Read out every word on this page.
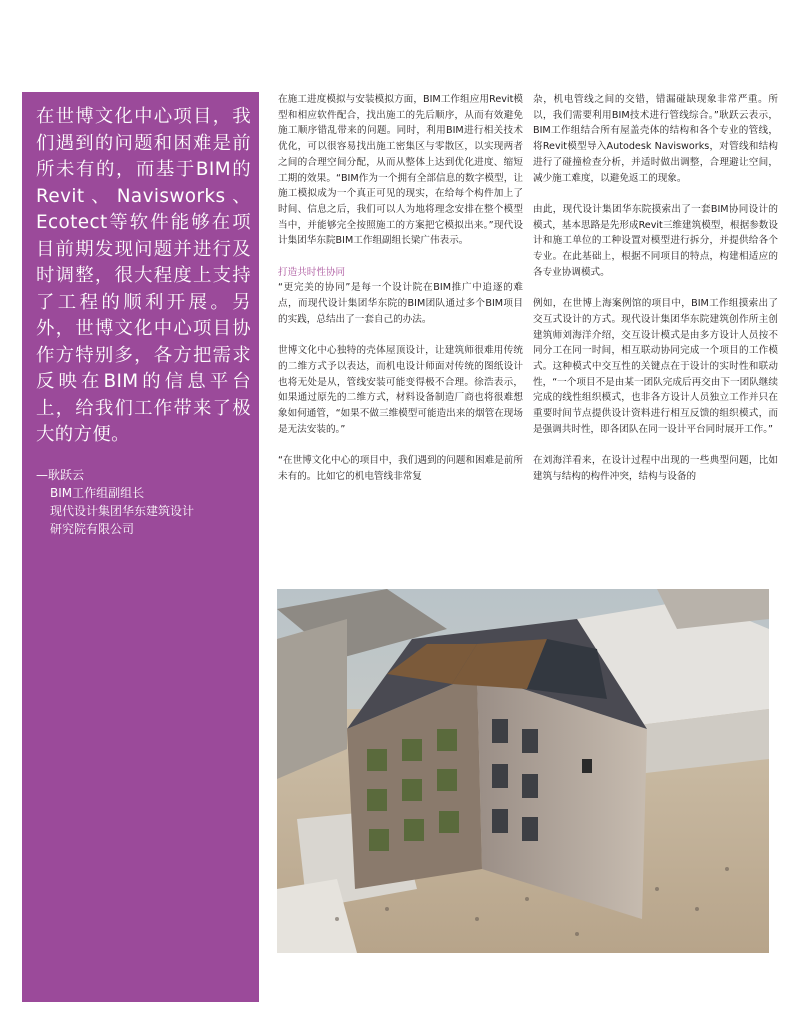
在世博文化中心项目，我们遇到的问题和困难是前所未有的，而基于BIM的Revit、Navisworks、Ecotect等软件能够在项目前期发现问题并进行及时调整，很大程度上支持了工程的顺利开展。另外，世博文化中心项目协作方特别多，各方把需求反映在BIM的信息平台上，给我们工作带来了极大的方便。
—耿跃云
BIM工作组副组长
现代设计集团华东建筑设计
研究院有限公司

在施工进度模拟与安装模拟方面，BIM工作组应用Revit模型和相应软件配合，找出施工的先后顺序，从而有效避免施工顺序错乱带来的问题。同时，利用BIM进行相关技术优化，可以很容易找出施工密集区与零散区，以实现两者之间的合理空间分配，从而从整体上达到优化进度、缩短工期的效果。“BIM作为一个拥有全部信息的数字模型，让施工模拟成为一个真正可见的现实，在给每个构件加上了时间、信息之后，我们可以人为地将理念安排在整个模型当中，并能够完全按照施工的方案把它模拟出来。”现代设计集团华东院BIM工作组副组长梁广伟表示。

打造共时性协同

“更完美的协同”是每一个设计院在BIM推广中追逐的难点，而现代设计集团华东院的BIM团队通过多个BIM项目的实践，总结出了一套自己的办法。

世博文化中心独特的壳体屋顶设计，让建筑师很难用传统的二维方式予以表达，而机电设计师面对传统的图纸设计也将无处是从，管线安装可能变得极不合理。徐浩表示，如果通过原先的二维方式，材料设备制造厂商也将很难想象如何通管，“如果不做三维模型可能造出来的烟管在现场是无法安装的。”

“在世博文化中心的项目中，我们遇到的问题和困难是前所未有的。比如它的机电管线非常复

杂，机电管线之间的交错，错漏碰缺现象非常严重。所以，我们需要利用BIM技术进行管线综合。”耿跃云表示，BIM工作组结合所有屋盖壳体的结构和各个专业的管线，将Revit模型导入Autodesk Navisworks，对管线和结构进行了碰撞检查分析，并适时做出调整，合理避让空间，减少施工难度，以避免返工的现象。

由此，现代设计集团华东院摸索出了一套BIM协同设计的模式，基本思路是先形成Revit三维建筑模型，根据参数设计和施工单位的工种设置对模型进行拆分，并提供给各个专业。在此基础上，根据不同项目的特点，构建相适应的各专业协调模式。

例如，在世博上海案例馆的项目中，BIM工作组摸索出了交互式设计的方式。现代设计集团华东院建筑创作所主创建筑师刘海洋介绍，交互设计模式是由多方设计人员按不同分工在同一时间，相互联动协同完成一个项目的工作模式。这种模式中交互性的关键点在于设计的实时性和联动性，“一个项目不是由某一团队完成后再交由下一团队继续完成的线性组织模式，也非各方设计人员独立工作并只在重要时间节点提供设计资料进行相互反馈的组织模式，而是强调共时性，即各团队在同一设计平台同时展开工作。”

在刘海洋看来，在设计过程中出现的一些典型问题，比如建筑与结构的构件冲突，结构与设备的
